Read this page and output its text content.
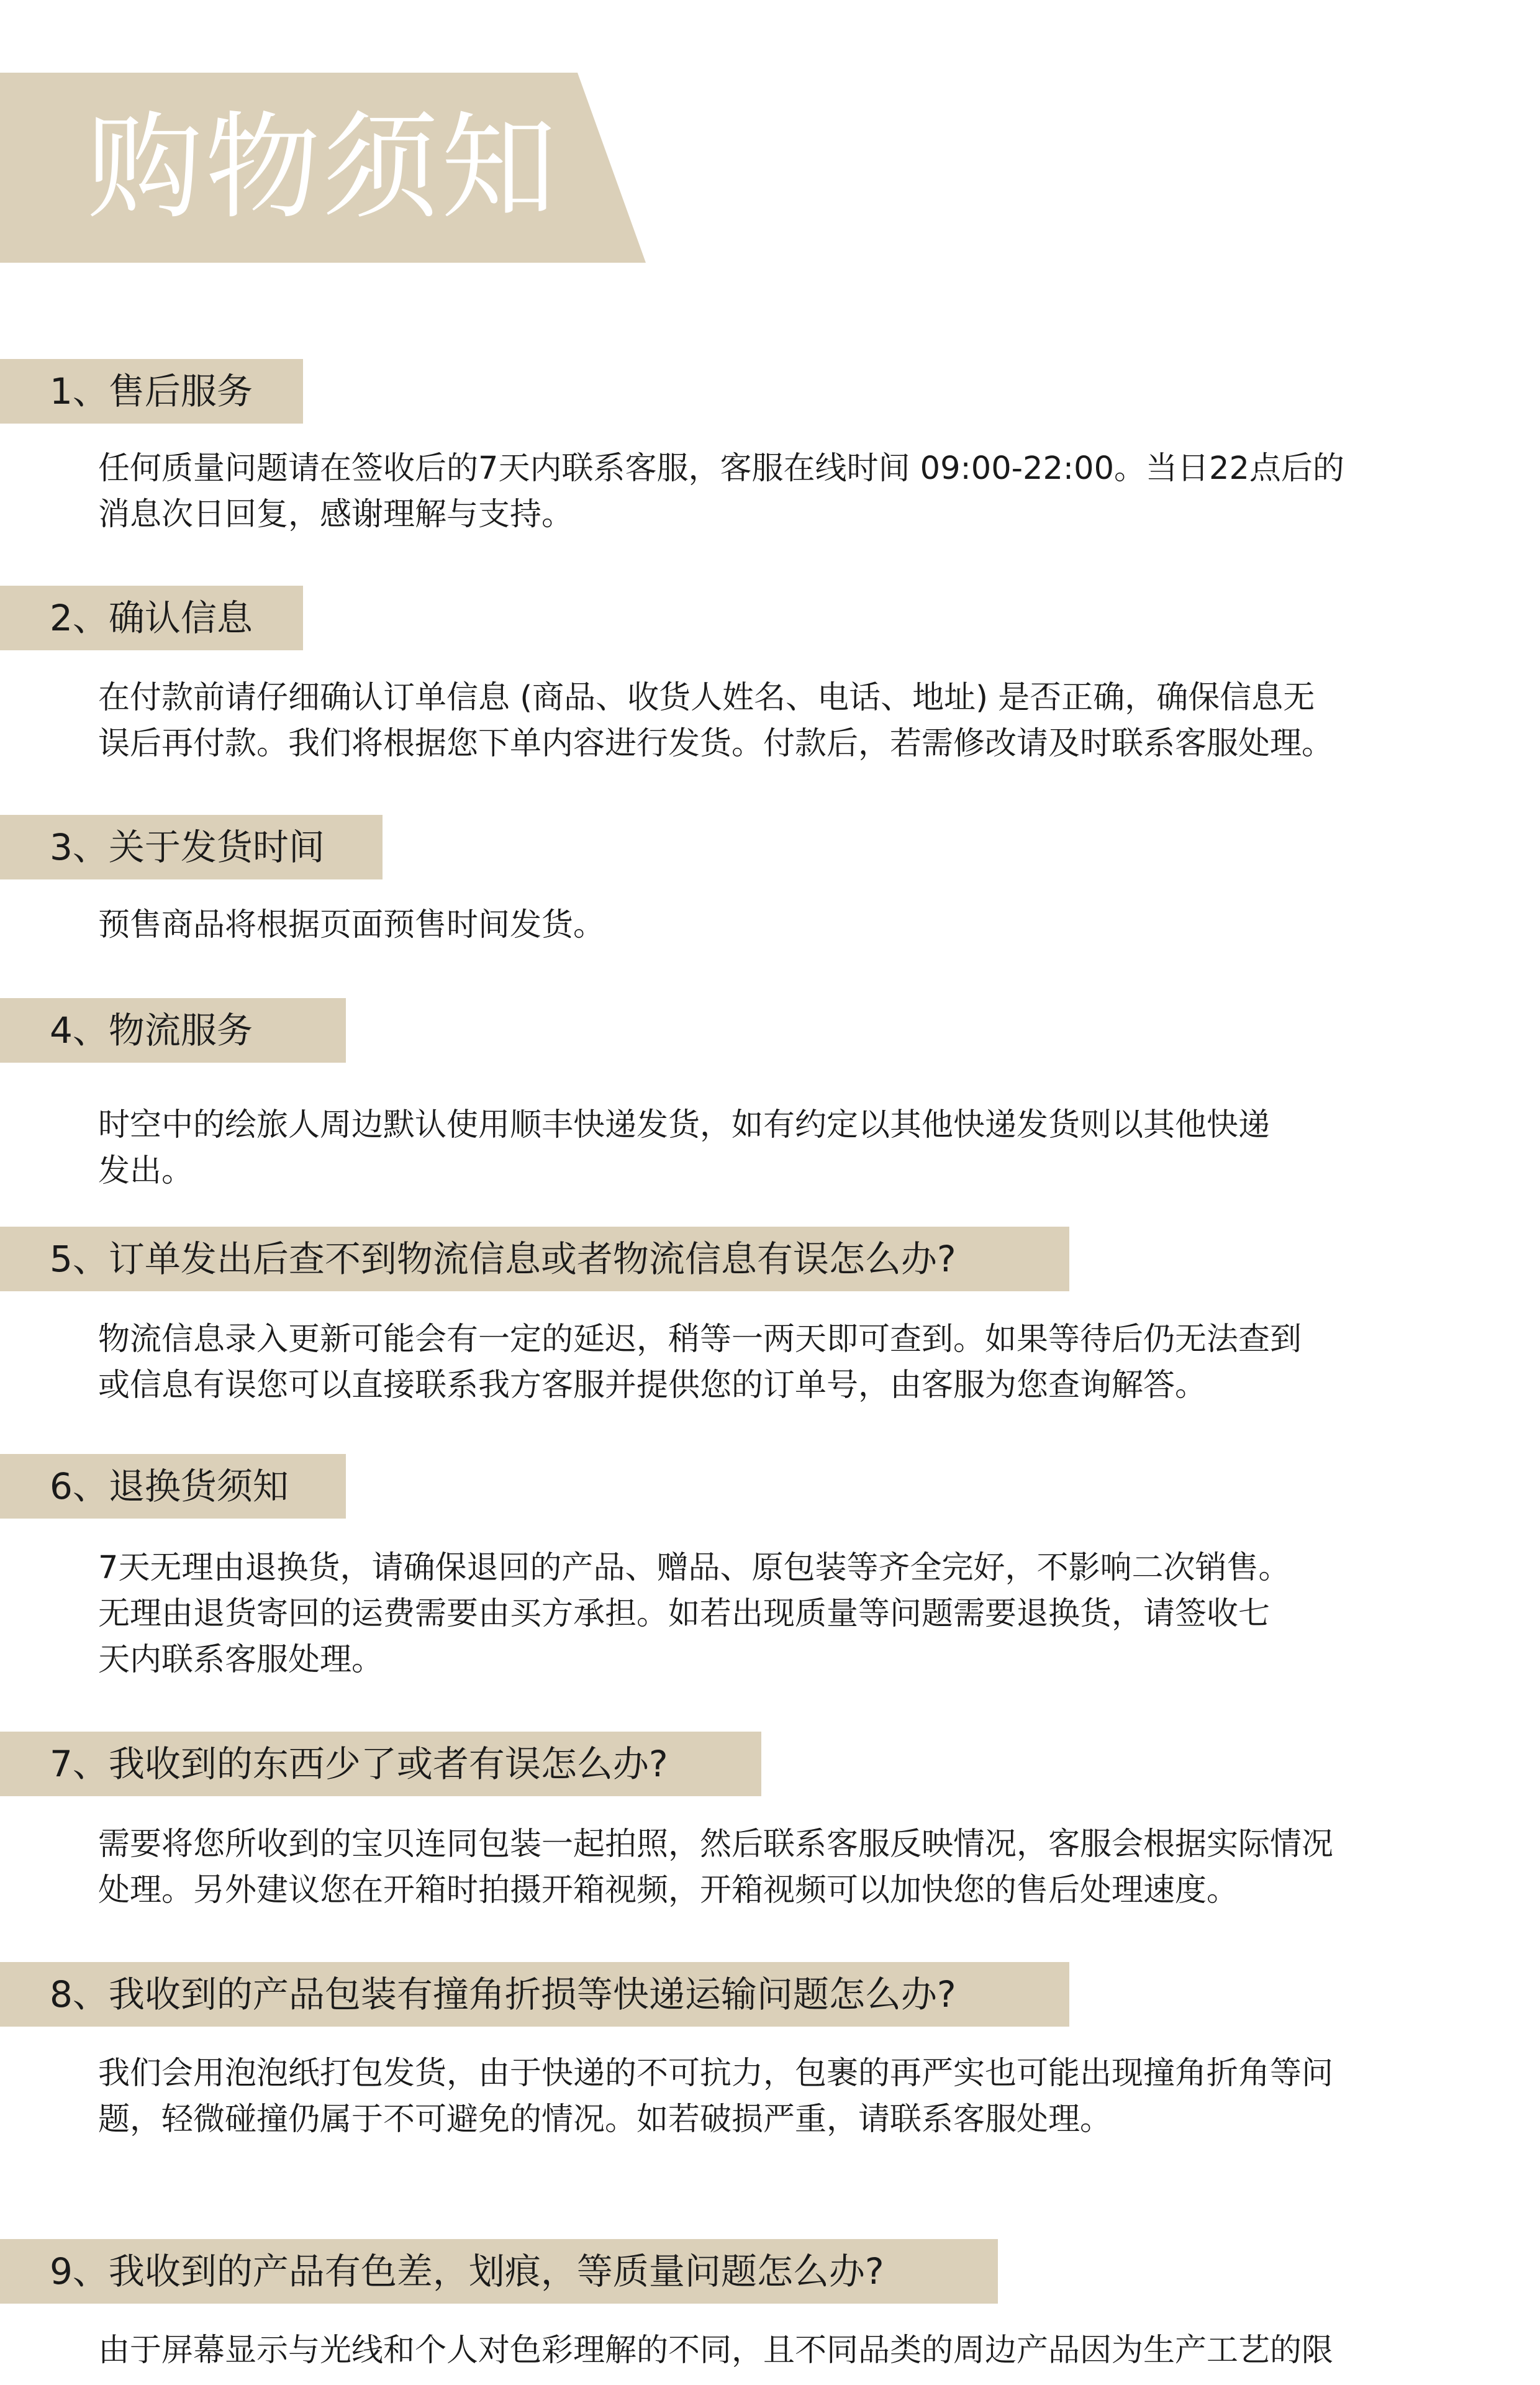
购物须知
1、售后服务

任何质量问题请在签收后的7天内联系客服，客服在线时间 09:00-22:00。当日22点后的

消息次日回复，感谢理解与支持。

2、确认信息

在付款前请仔细确认订单信息 (商品、收货人姓名、电话、地址) 是否正确，确保信息无

误后再付款。我们将根据您下单内容进行发货。付款后，若需修改请及时联系客服处理。

3、关于发货时间

预售商品将根据页面预售时间发货。

4、物流服务

时空中的绘旅人周边默认使用顺丰快递发货，如有约定以其他快递发货则以其他快递

发出。

5、订单发出后查不到物流信息或者物流信息有误怎么办?

物流信息录入更新可能会有一定的延迟，稍等一两天即可查到。如果等待后仍无法查到

或信息有误您可以直接联系我方客服并提供您的订单号，由客服为您查询解答。

6、退换货须知

7天无理由退换货，请确保退回的产品、赠品、原包装等齐全完好，不影响二次销售。

无理由退货寄回的运费需要由买方承担。如若出现质量等问题需要退换货，请签收七

天内联系客服处理。

7、我收到的东西少了或者有误怎么办?

需要将您所收到的宝贝连同包装一起拍照，然后联系客服反映情况，客服会根据实际情况

处理。另外建议您在开箱时拍摄开箱视频，开箱视频可以加快您的售后处理速度。

8、我收到的产品包装有撞角折损等快递运输问题怎么办?

我们会用泡泡纸打包发货，由于快递的不可抗力，包裹的再严实也可能出现撞角折角等问

题，轻微碰撞仍属于不可避免的情况。如若破损严重，请联系客服处理。

9、我收到的产品有色差，划痕，等质量问题怎么办?

由于屏幕显示与光线和个人对色彩理解的不同，且不同品类的周边产品因为生产工艺的限
